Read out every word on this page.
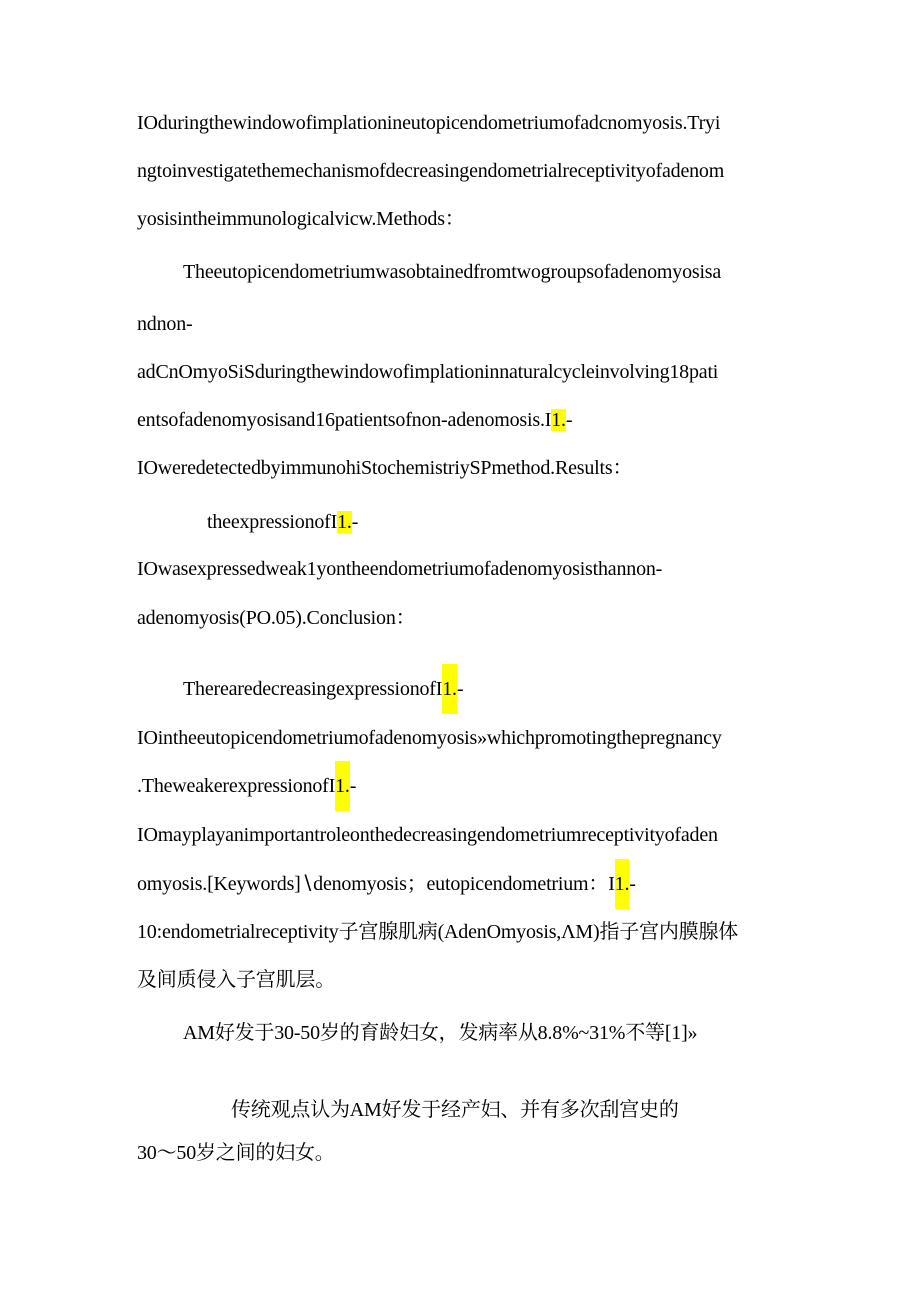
IOduringthewindowofimplationineutopicendometriumofadcnomyosis.Tryi
ngtoinvestigatethemechanismofdecreasingendometrialreceptivityofadenom
yosisintheimmunologicalvicw.Methods：
Theeutopicendometriumwasobtainedfromtwogroupsofadenomyosisa
ndnon-
adCnOmyoSiSduringthewindowofimplationinnaturalcycleinvolving18pati
entsofadenomyosisand16patientsofnon-adenomosis.I1.-
IOweredetectedbyimmunohiStochemistriySPmethod.Results：
theexpressionofI1.-
IOwasexpressedweak1yontheendometriumofadenomyosisthannon-
adenomyosis(PO.05).Conclusion：
TherearedecreasingexpressionofI1.-
IOintheeutopicendometriumofadenomyosis»whichpromotingthepregnancy
.TheweakerexpressionofI1.-
IOmayplayanimportantroleonthedecreasingendometriumreceptivityofaden
omyosis.[Keywords]∖denomyosis；eutopicendometrium：I1.-
10:endometrialreceptivity子宫腺肌病(AdenOmyosis,ΛM)指子宫内膜腺体
及间质侵入子宫肌层。
AM好发于30-50岁的育龄妇女，发病率从8.8%~31%不等[1]»
传统观点认为AM好发于经产妇、并有多次刮宫史的
30～50岁之间的妇女。
